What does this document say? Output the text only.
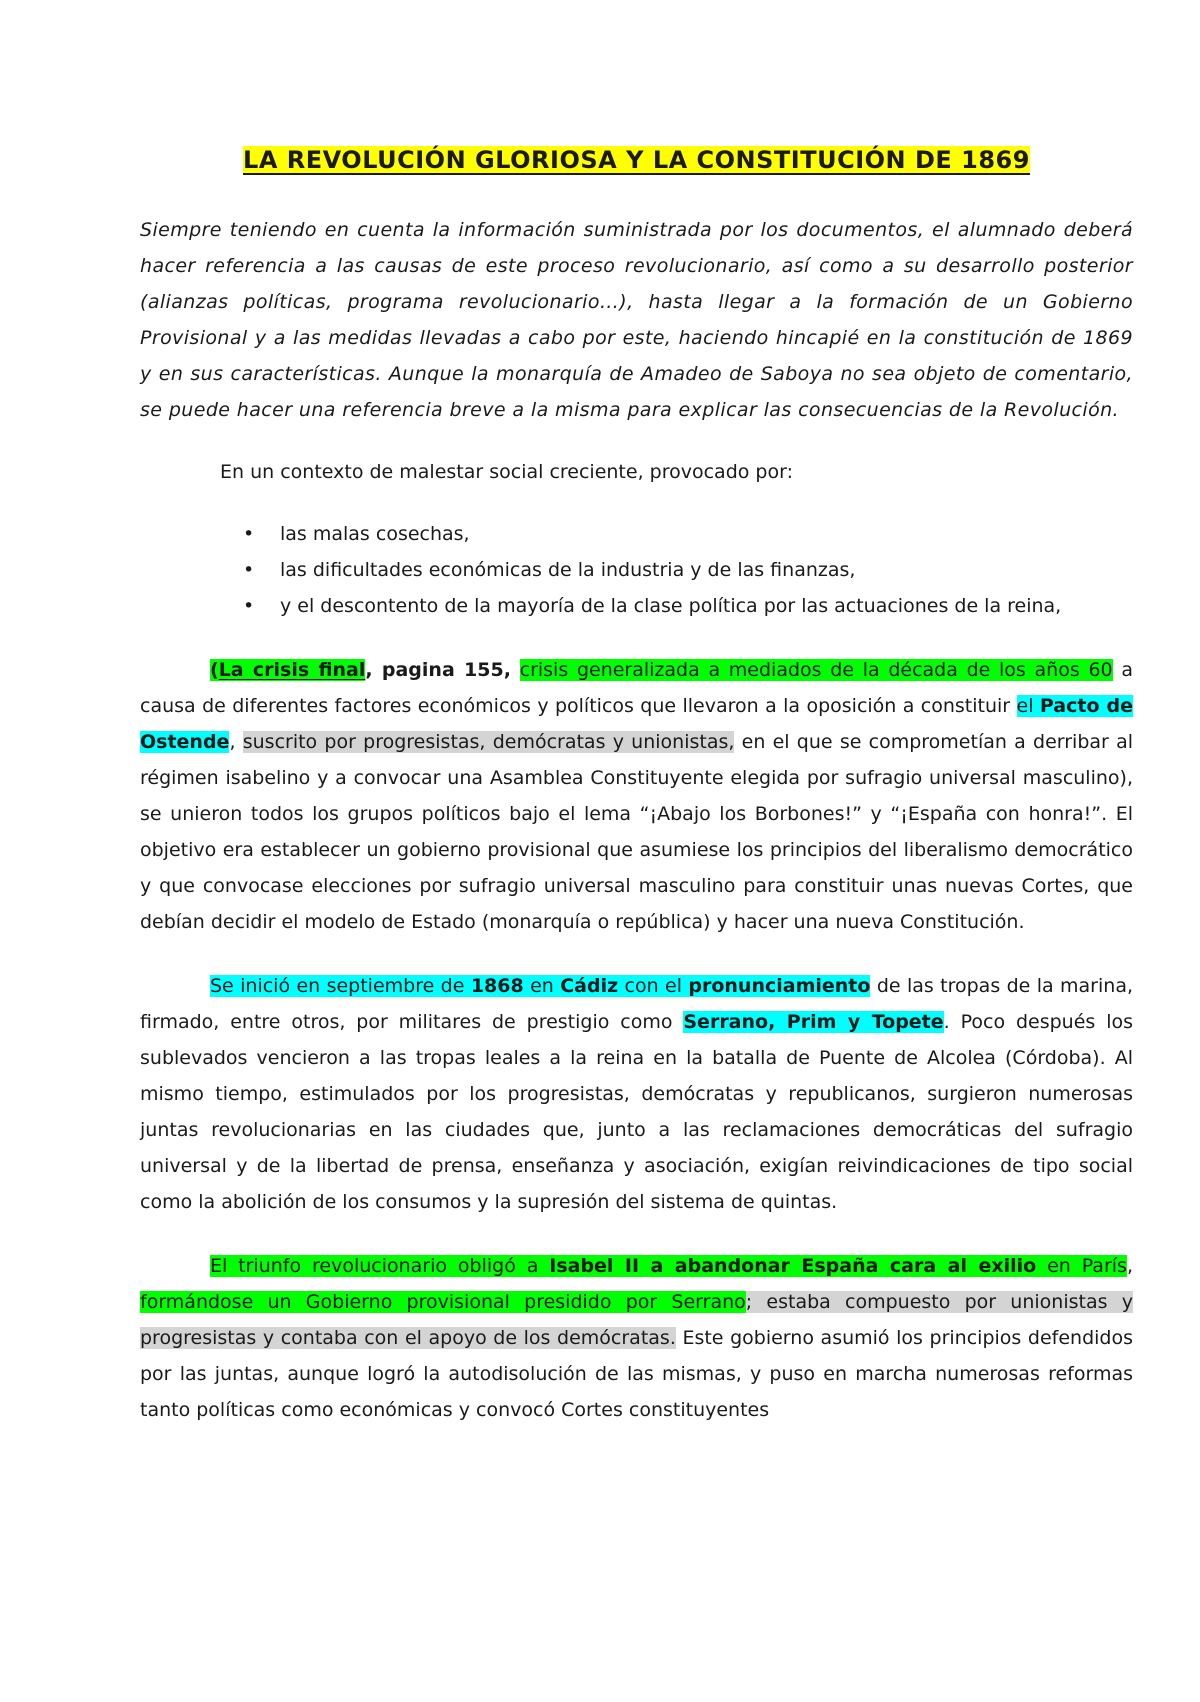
LA REVOLUCIÓN GLORIOSA Y LA CONSTITUCIÓN DE 1869

Siempre teniendo en cuenta la información suministrada por los documentos, el alumnado deberá hacer referencia a las causas de este proceso revolucionario, así como a su desarrollo posterior (alianzas políticas, programa revolucionario…), hasta llegar a la formación de un Gobierno Provisional y a las medidas llevadas a cabo por este, haciendo hincapié en la constitución de 1869 y en sus características. Aunque la monarquía de Amadeo de Saboya no sea objeto de comentario, se puede hacer una referencia breve a la misma para explicar las consecuencias de la Revolución.

En un contexto de malestar social creciente, provocado por:

• las malas cosechas,
• las dificultades económicas de la industria y de las finanzas,
• y el descontento de la mayoría de la clase política por las actuaciones de la reina,

(La crisis final, pagina 155, crisis generalizada a mediados de la década de los años 60 a causa de diferentes factores económicos y políticos que llevaron a la oposición a constituir el Pacto de Ostende, suscrito por progresistas, demócratas y unionistas, en el que se comprometían a derribar al régimen isabelino y a convocar una Asamblea Constituyente elegida por sufragio universal masculino), se unieron todos los grupos políticos bajo el lema “¡Abajo los Borbones!” y “¡España con honra!”. El objetivo era establecer un gobierno provisional que asumiese los principios del liberalismo democrático y que convocase elecciones por sufragio universal masculino para constituir unas nuevas Cortes, que debían decidir el modelo de Estado (monarquía o república) y hacer una nueva Constitución.

Se inició en septiembre de 1868 en Cádiz con el pronunciamiento de las tropas de la marina, firmado, entre otros, por militares de prestigio como Serrano, Prim y Topete. Poco después los sublevados vencieron a las tropas leales a la reina en la batalla de Puente de Alcolea (Córdoba). Al mismo tiempo, estimulados por los progresistas, demócratas y republicanos, surgieron numerosas juntas revolucionarias en las ciudades que, junto a las reclamaciones democráticas del sufragio universal y de la libertad de prensa, enseñanza y asociación, exigían reivindicaciones de tipo social como la abolición de los consumos y la supresión del sistema de quintas.

El triunfo revolucionario obligó a Isabel II a abandonar España cara al exilio en París, formándose un Gobierno provisional presidido por Serrano; estaba compuesto por unionistas y progresistas y contaba con el apoyo de los demócratas. Este gobierno asumió los principios defendidos por las juntas, aunque logró la autodisolución de las mismas, y puso en marcha numerosas reformas tanto políticas como económicas y convocó Cortes constituyentes
